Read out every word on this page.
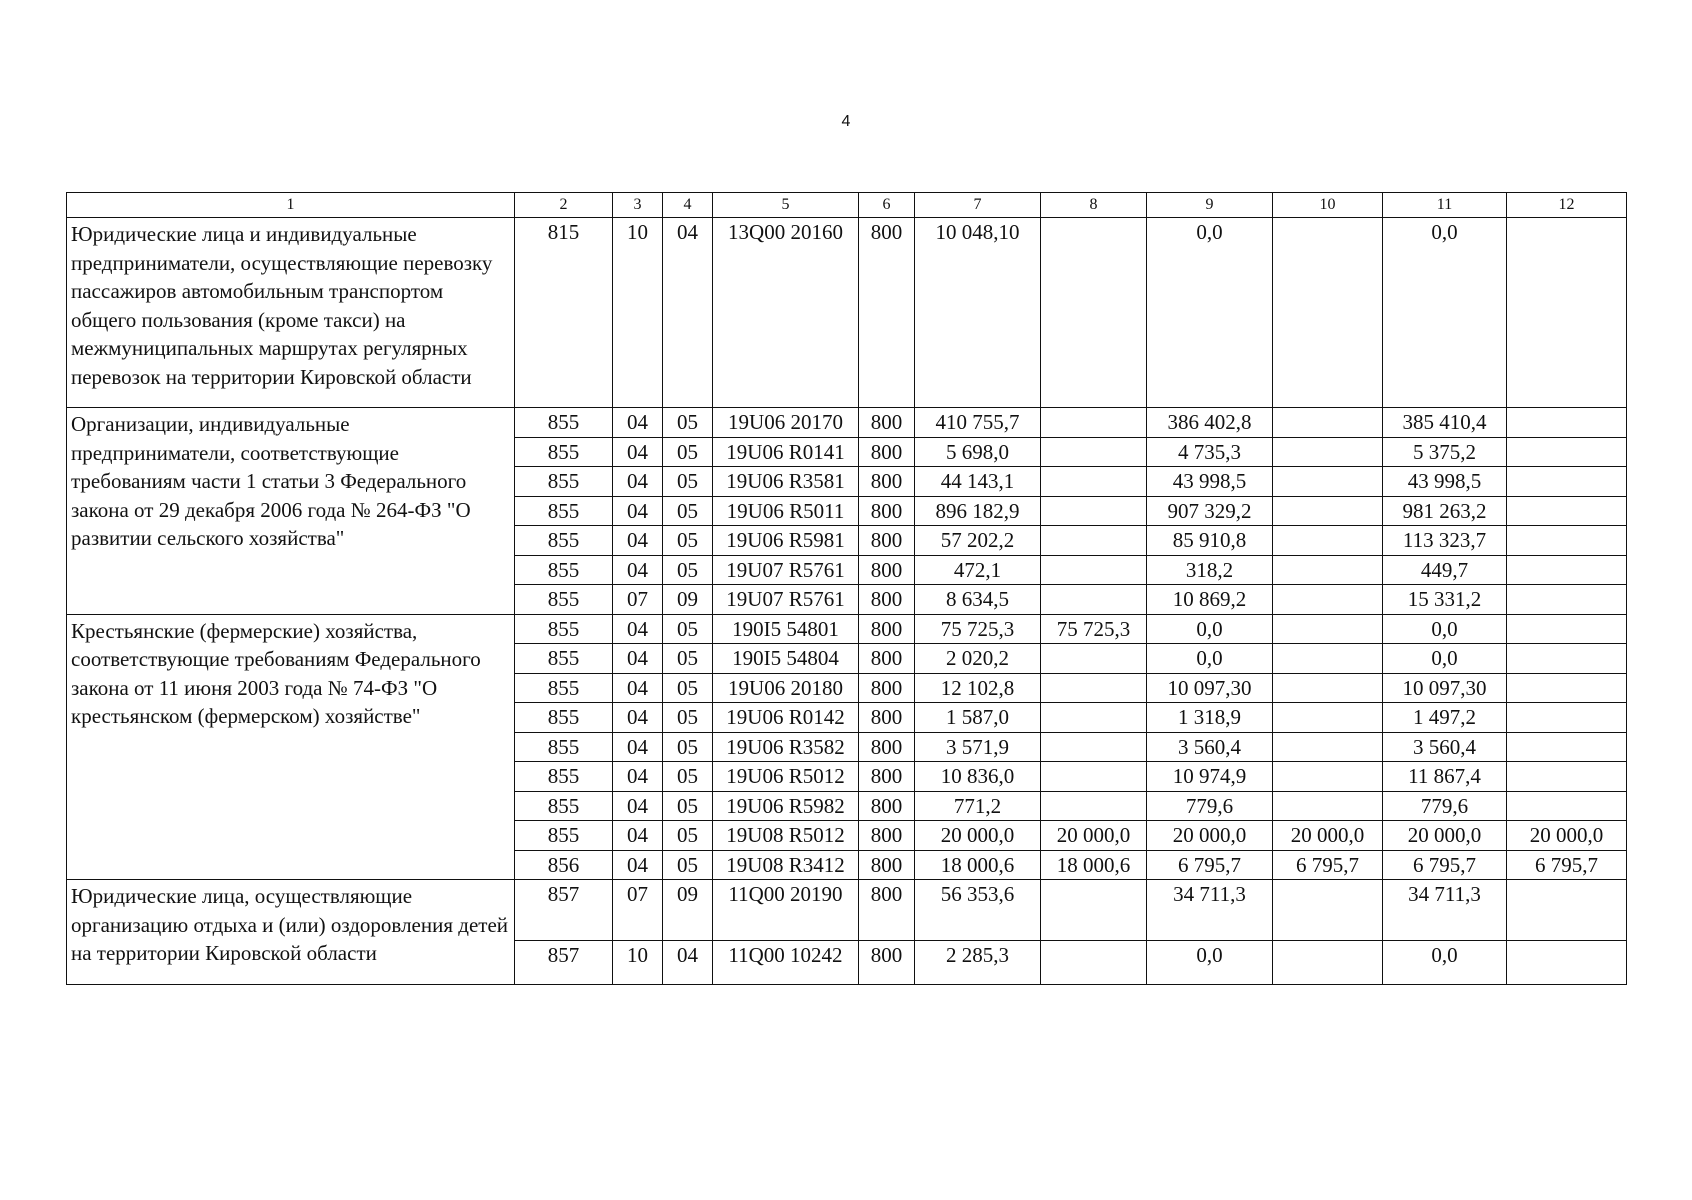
4
1	2	3	4	5	6	7	8	9	10	11	12
Юридические лица и индивидуальные предприниматели, осуществляющие перевозку пассажиров автомобильным транспортом общего пользования (кроме такси) на межмуниципальных маршрутах регулярных перевозок на территории Кировской области	815	10	04	13Q00 20160	800	10 048,10		0,0		0,0	
Организации, индивидуальные предприниматели, соответствующие требованиям части 1 статьи 3 Федерального закона от 29 декабря 2006 года № 264-ФЗ "О развитии сельского хозяйства"	855	04	05	19U06 20170	800	410 755,7		386 402,8		385 410,4	
	855	04	05	19U06 R0141	800	5 698,0		4 735,3		5 375,2	
	855	04	05	19U06 R3581	800	44 143,1		43 998,5		43 998,5	
	855	04	05	19U06 R5011	800	896 182,9		907 329,2		981 263,2	
	855	04	05	19U06 R5981	800	57 202,2		85 910,8		113 323,7	
	855	04	05	19U07 R5761	800	472,1		318,2		449,7	
	855	07	09	19U07 R5761	800	8 634,5		10 869,2		15 331,2	
Крестьянские (фермерские) хозяйства, соответствующие требованиям Федерального закона от 11 июня 2003 года № 74-ФЗ "О крестьянском (фермерском) хозяйстве"	855	04	05	190I5 54801	800	75 725,3	75 725,3	0,0		0,0	
	855	04	05	190I5 54804	800	2 020,2		0,0		0,0	
	855	04	05	19U06 20180	800	12 102,8		10 097,30		10 097,30	
	855	04	05	19U06 R0142	800	1 587,0		1 318,9		1 497,2	
	855	04	05	19U06 R3582	800	3 571,9		3 560,4		3 560,4	
	855	04	05	19U06 R5012	800	10 836,0		10 974,9		11 867,4	
	855	04	05	19U06 R5982	800	771,2		779,6		779,6	
	855	04	05	19U08 R5012	800	20 000,0	20 000,0	20 000,0	20 000,0	20 000,0	20 000,0
	856	04	05	19U08 R3412	800	18 000,6	18 000,6	6 795,7	6 795,7	6 795,7	6 795,7
Юридические лица, осуществляющие организацию отдыха и (или) оздоровления детей на территории Кировской области	857	07	09	11Q00 20190	800	56 353,6		34 711,3		34 711,3	
	857	10	04	11Q00 10242	800	2 285,3		0,0		0,0	
